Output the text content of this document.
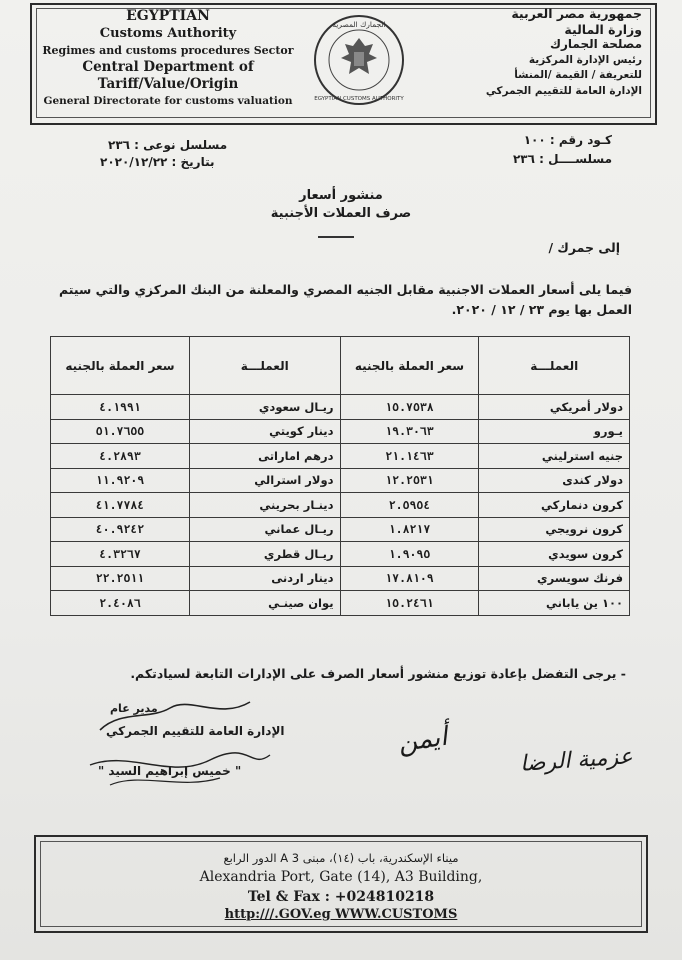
EGYPTIAN
Customs Authority
Regimes and customs procedures Sector
Central Department of
Tariff/Value/Origin
General Directorate for customs valuation
الجمارك المصرية
EGYPTIAN CUSTOMS AUTHORITY
جمهورية مصر العربية
وزارة المالية
مصلحة الجمارك
رئيس الإدارة المركزية
للتعريفة / القيمة /المنشأ
الإدارة العامة للتقييم الجمركي
كـود رقم : ١٠٠
مسلســــل : ٢٣٦
مسلسل نوعى : ٢٣٦
بتاريخ : ٢٠٢٠/١٢/٢٢
منشور أسعار
صرف العملات الأجنبية
إلى جمرك /
فيما يلى أسعار العملات الاجنبية مقابل الجنيه المصري والمعلنة من البنك المركزي والتي سيتم العمل بها يوم ٢٣ / ١٢ / ٢٠٢٠.
العملـــة	سعر العملة بالجنيه	العملـــة	سعر العملة بالجنيه
دولار أمريكي	١٥.٧٥٣٨	ريـال سعودي	٤.١٩٩١
يـورو	١٩.٣٠٦٣	دينار كويتي	٥١.٧٦٥٥
جنيه استرليني	٢١.١٤٦٣	درهم اماراتى	٤.٢٨٩٣
دولار كندى	١٢.٢٥٣١	دولار استرالي	١١.٩٢٠٩
كرون دنماركي	٢.٥٩٥٤	دينـار بحريني	٤١.٧٧٨٤
كرون نرويجي	١.٨٢١٧	ريـال عماني	٤٠.٩٢٤٢
كرون سويدي	١.٩٠٩٥	ريـال قطري	٤.٣٢٦٧
فرنك سويسري	١٧.٨١٠٩	دينار اردنى	٢٢.٢٥١١
١٠٠ ين ياباني	١٥.٢٤٦١	يوان صينـي	٢.٤٠٨٦
- يرجى التفضل بإعادة توزيع منشور أسعار الصرف على الإدارات التابعة لسيادتكم.
مدير عام
الإدارة العامة للتقييم الجمركي
" خميس إبراهيم السيد "
أيمن
عزمية الرضا
ميناء الإسكندرية، باب (١٤)، مبنى 3 A الدور الرابع
Alexandria Port, Gate (14), A3 Building,
Tel & Fax : +024810218
http:///.GOV.eg WWW.CUSTOMS
